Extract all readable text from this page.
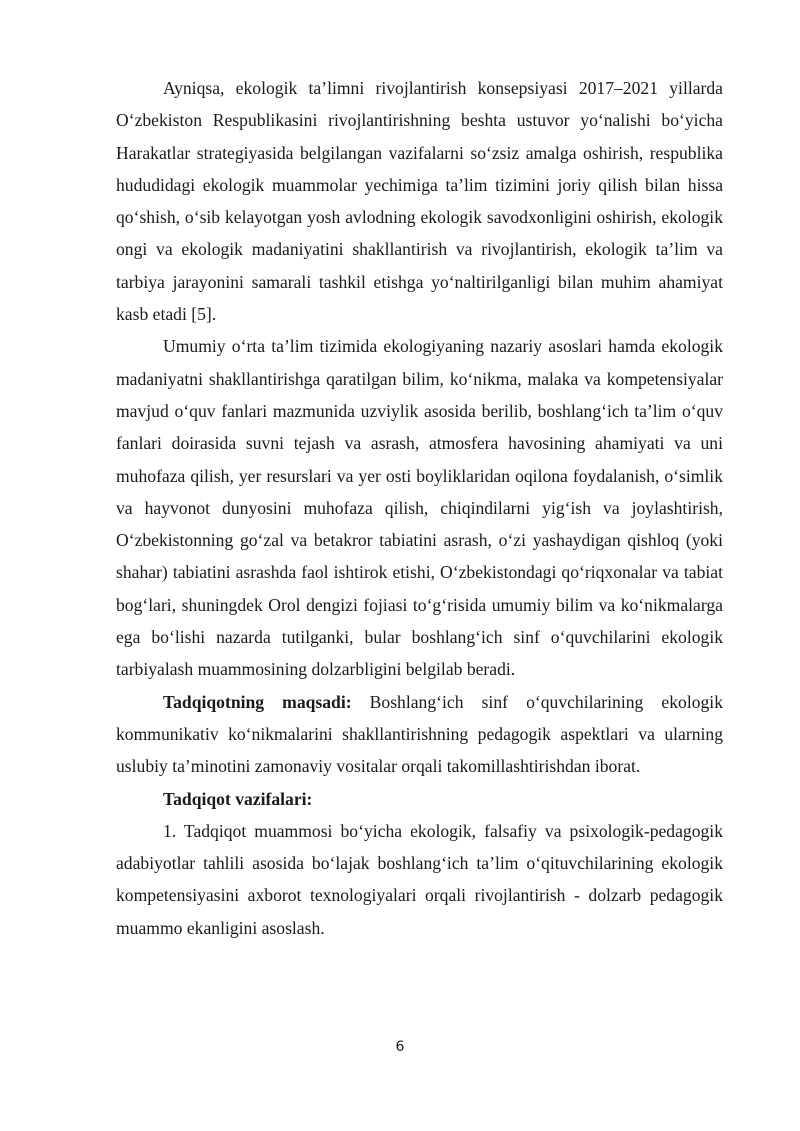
Ayniqsa, ekologik ta’limni rivojlantirish konsepsiyasi 2017–2021 yillarda O‘zbekiston Respublikasini rivojlantirishning beshta ustuvor yo‘nalishi bo‘yicha Harakatlar strategiyasida belgilangan vazifalarni so‘zsiz amalga oshirish, respublika hududidagi ekologik muammolar yechimiga ta’lim tizimini joriy qilish bilan hissa qo‘shish, o‘sib kelayotgan yosh avlodning ekologik savodxonligini oshirish, ekologik ongi va ekologik madaniyatini shakllantirish va rivojlantirish, ekologik ta’lim va tarbiya jarayonini samarali tashkil etishga yo‘naltirilganligi bilan muhim ahamiyat kasb etadi [5].

Umumiy o‘rta ta’lim tizimida ekologiyaning nazariy asoslari hamda ekologik madaniyatni shakllantirishga qaratilgan bilim, ko‘nikma, malaka va kompetensiyalar mavjud o‘quv fanlari mazmunida uzviylik asosida berilib, boshlang‘ich ta’lim o‘quv fanlari doirasida suvni tejash va asrash, atmosfera havosining ahamiyati va uni muhofaza qilish, yer resurslari va yer osti boyliklaridan oqilona foydalanish, o‘simlik va hayvonot dunyosini muhofaza qilish, chiqindilarni yig‘ish va joylashtirish, O‘zbekistonning go‘zal va betakror tabiatini asrash, o‘zi yashaydigan qishloq (yoki shahar) tabiatini asrashda faol ishtirok etishi, O‘zbekistondagi qo‘riqxonalar va tabiat bog‘lari, shuningdek Orol dengizi fojiasi to‘g‘risida umumiy bilim va ko‘nikmalarga ega bo‘lishi nazarda tutilganki, bular boshlang‘ich sinf o‘quvchilarini ekologik tarbiyalash muammosining dolzarbligini belgilab beradi.

Tadqiqotning maqsadi: Boshlang‘ich sinf o‘quvchilarining ekologik kommunikativ ko‘nikmalarini shakllantirishning pedagogik aspektlari va ularning uslubiy ta’minotini zamonaviy vositalar orqali takomillashtirishdan iborat.

Tadqiqot vazifalari:

1. Tadqiqot muammosi bo‘yicha ekologik, falsafiy va psixologik-pedagogik adabiyotlar tahlili asosida bo‘lajak boshlang‘ich ta’lim o‘qituvchilarining ekologik kompetensiyasini axborot texnologiyalari orqali rivojlantirish - dolzarb pedagogik muammo ekanligini asoslash.

6
